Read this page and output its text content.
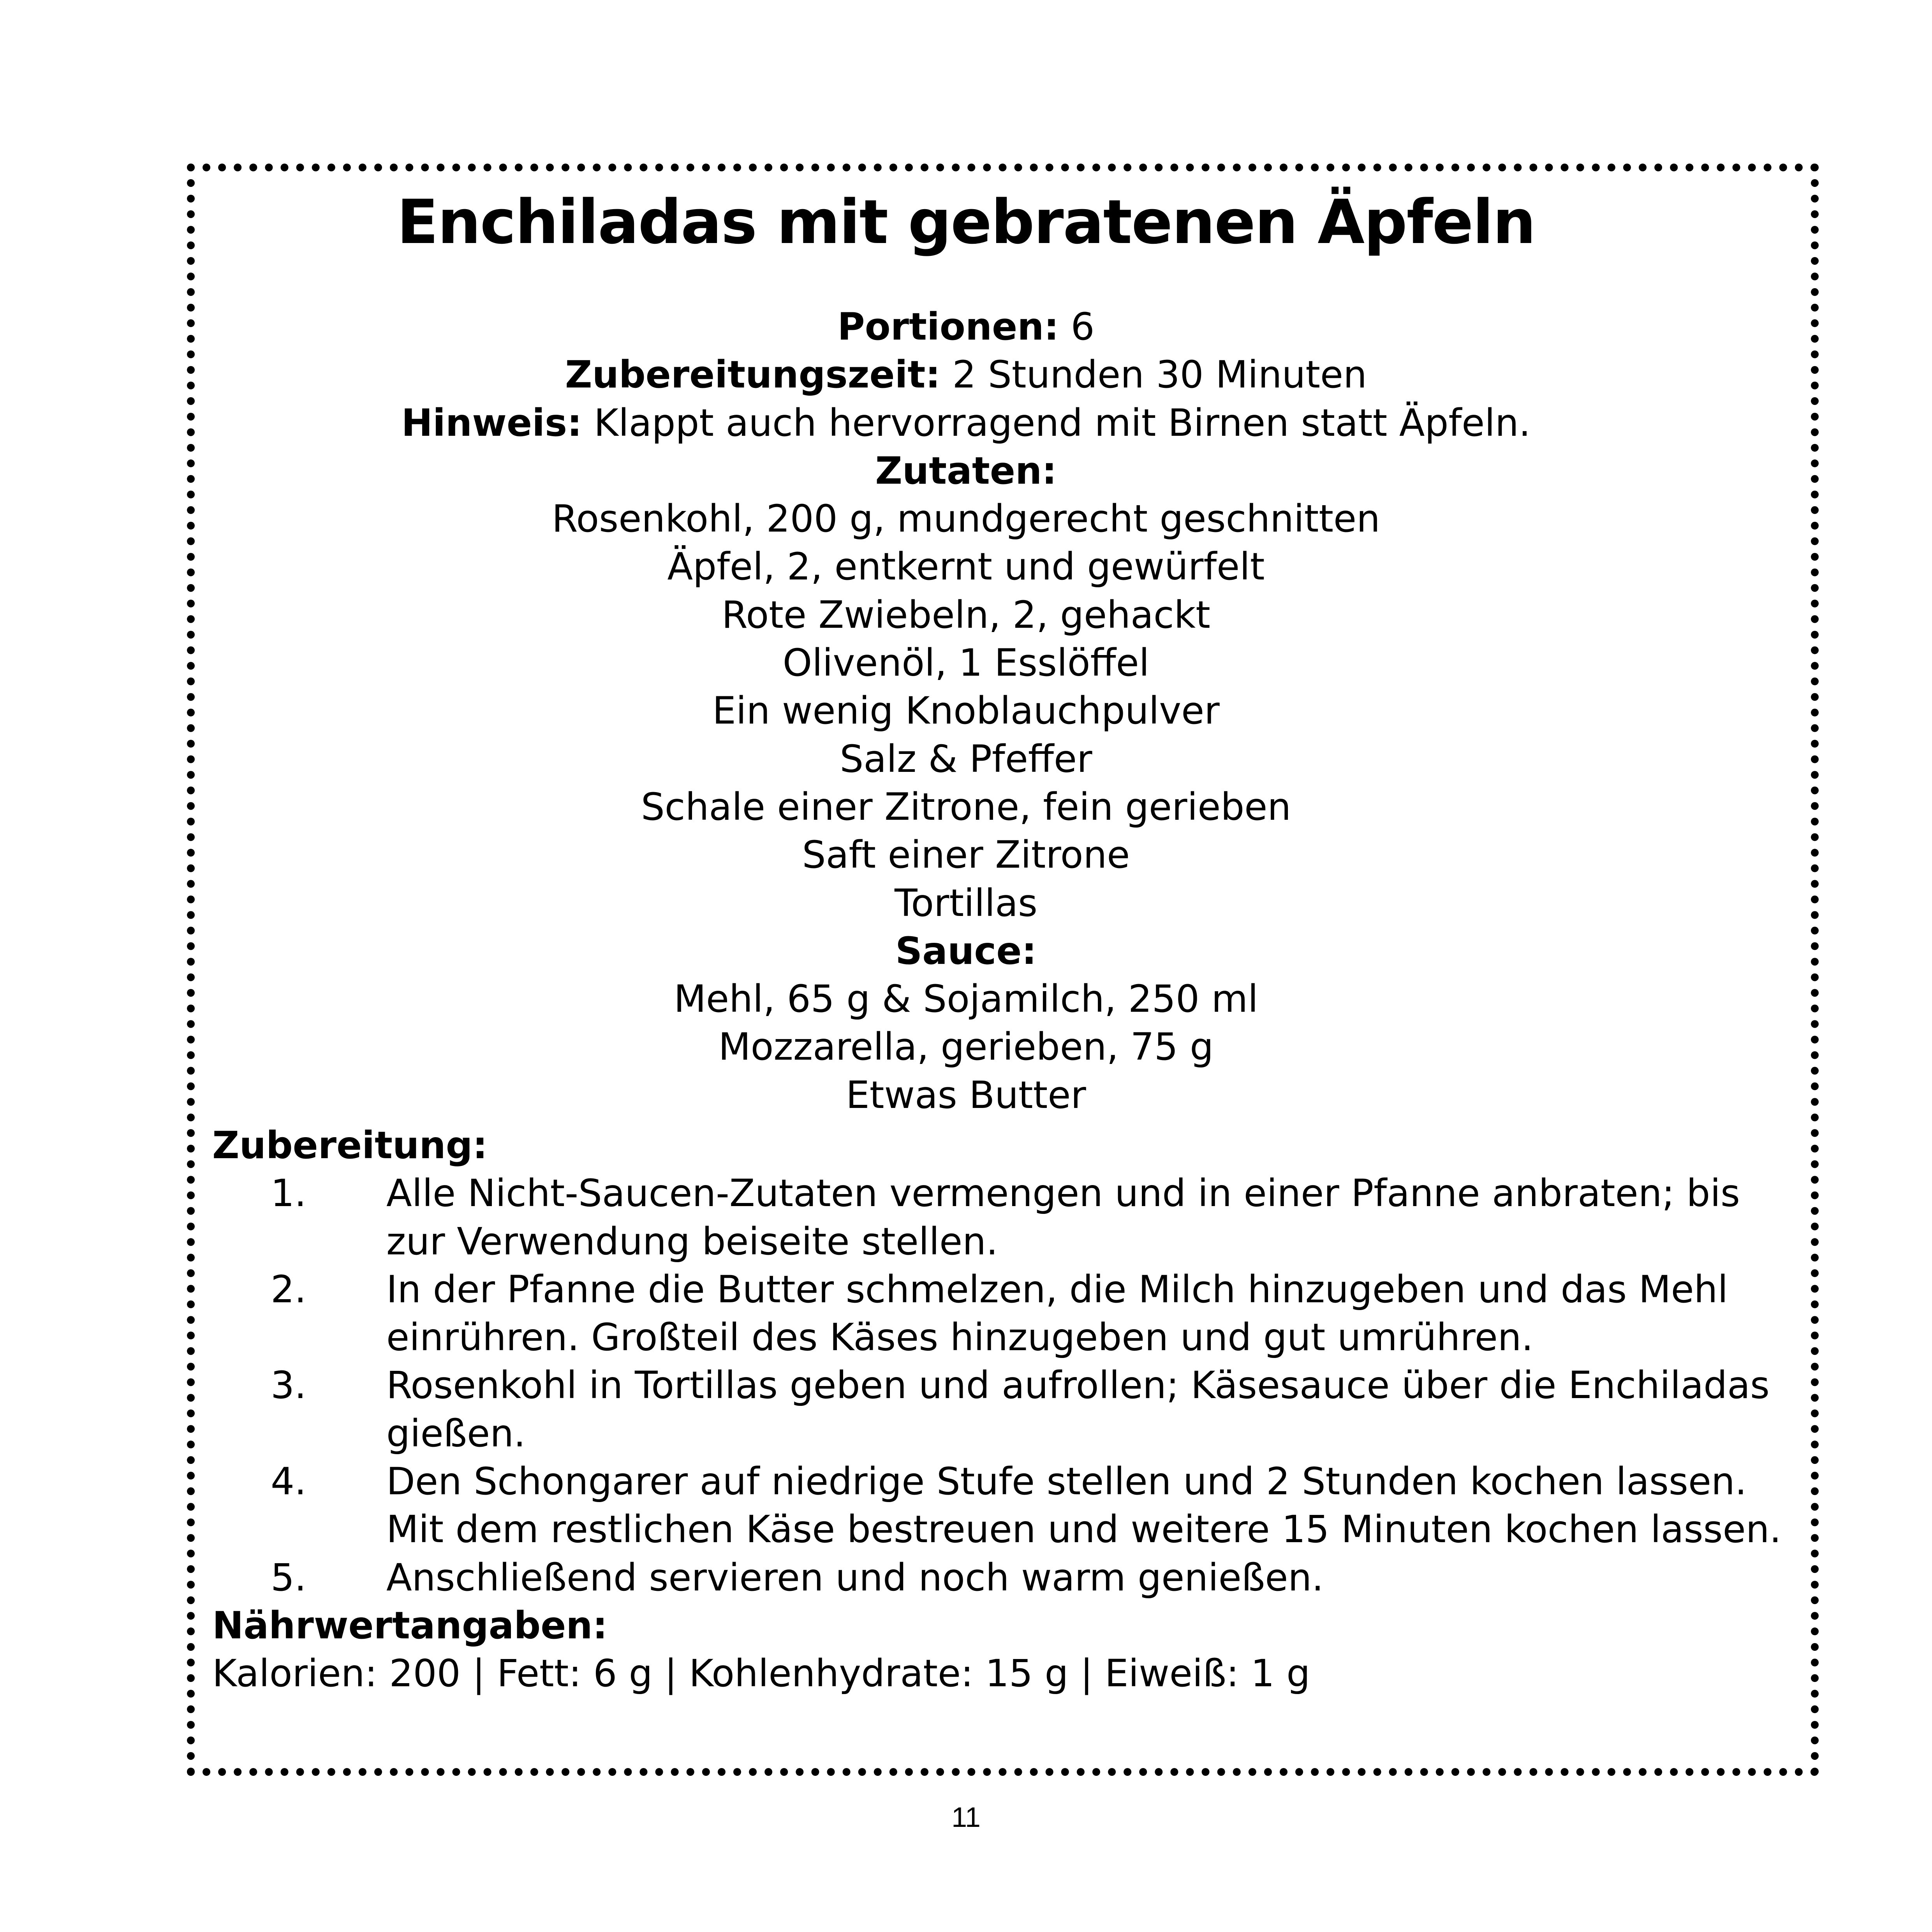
Enchiladas mit gebratenen Äpfeln
Portionen: 6
Zubereitungszeit: 2 Stunden 30 Minuten
Hinweis: Klappt auch hervorragend mit Birnen statt Äpfeln.
Zutaten:
Rosenkohl, 200 g, mundgerecht geschnitten
Äpfel, 2, entkernt und gewürfelt
Rote Zwiebeln, 2, gehackt
Olivenöl, 1 Esslöffel
Ein wenig Knoblauchpulver
Salz & Pfeffer
Schale einer Zitrone, fein gerieben
Saft einer Zitrone
Tortillas
Sauce:
Mehl, 65 g & Sojamilch, 250 ml
Mozzarella, gerieben, 75 g
Etwas Butter
Zubereitung:
1. Alle Nicht-Saucen-Zutaten vermengen und in einer Pfanne anbraten; bis zur Verwendung beiseite stellen.
2. In der Pfanne die Butter schmelzen, die Milch hinzugeben und das Mehl einrühren. Großteil des Käses hinzugeben und gut umrühren.
3. Rosenkohl in Tortillas geben und aufrollen; Käsesauce über die Enchiladas gießen.
4. Den Schongarer auf niedrige Stufe stellen und 2 Stunden kochen lassen. Mit dem restlichen Käse bestreuen und weitere 15 Minuten kochen lassen.
5. Anschließend servieren und noch warm genießen.
Nährwertangaben:
Kalorien: 200 | Fett: 6 g | Kohlenhydrate: 15 g | Eiweiß: 1 g
11
